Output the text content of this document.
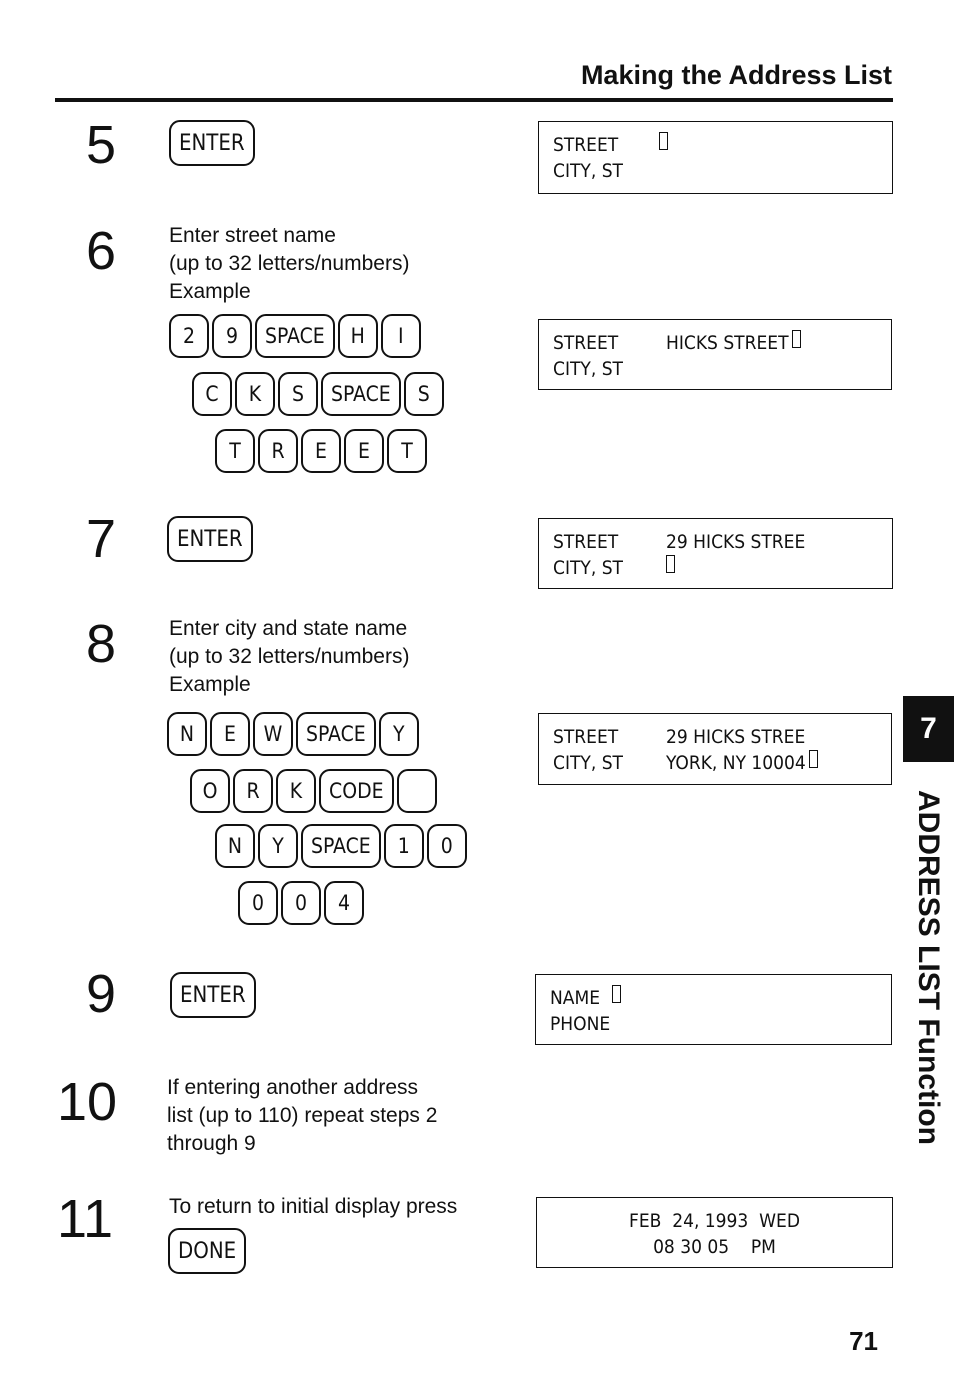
Making the Address List
5	ENTER	STREET
CITY, ST
6	Enter street name
(up to 32 letters/numbers)
Example
2	9	SPACE	H	I
C	K	S	SPACE	S
T	R	E	E	T
STREET	HICKS STREET
CITY, ST
7	ENTER	STREET	29 HICKS STREE
CITY, ST
8	Enter city and state name
(up to 32 letters/numbers)
Example
N	E	W	SPACE	Y
O	R	K	CODE
N	Y	SPACE	1	0
0	0	4
STREET	29 HICKS STREE
CITY, ST	YORK, NY 10004
9	ENTER	NAME
PHONE
10 If entering another address
list (up to 110) repeat steps 2
through 9
11	To return to initial display press
DONE
FEB  24, 1993  WED
08 30 05    PM
7
ADDRESS LIST Function
71
